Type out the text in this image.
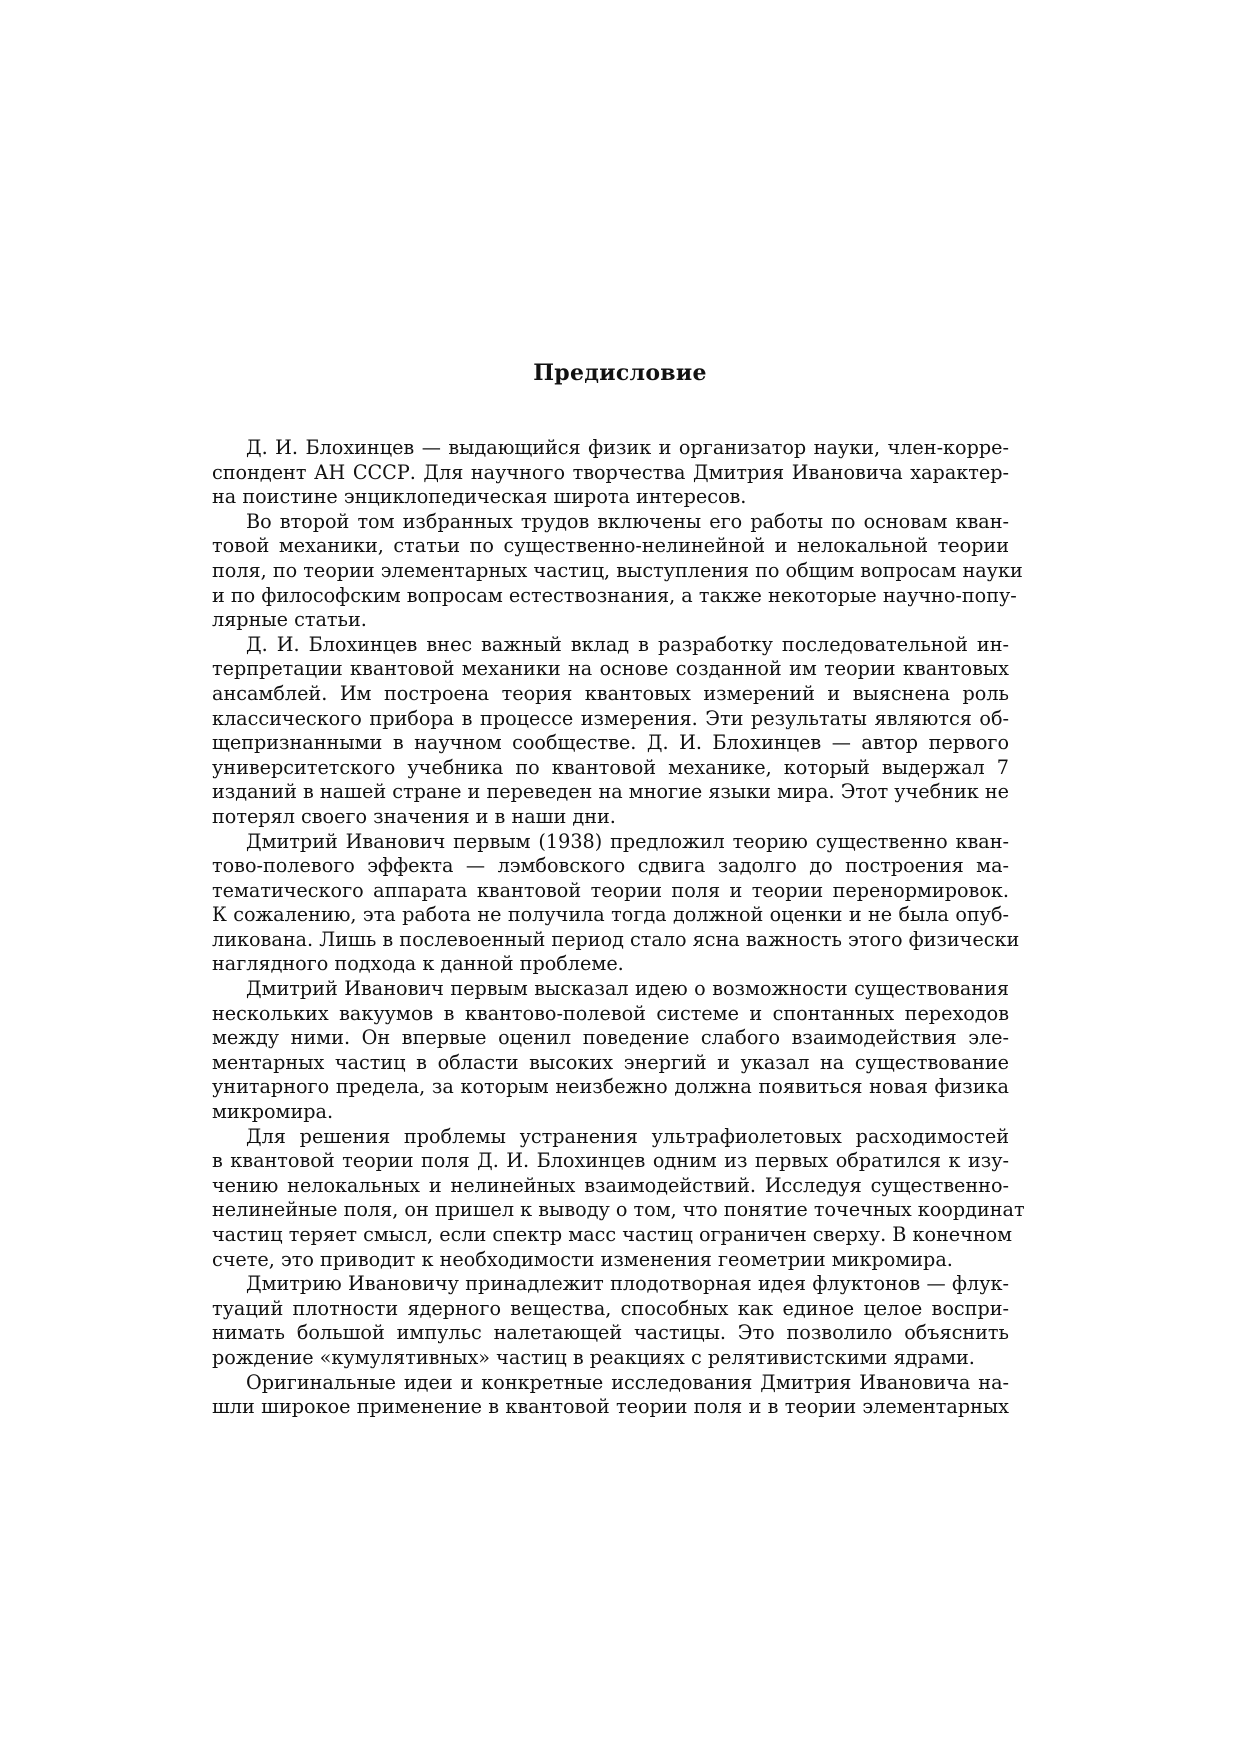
Предисловие
Д. И. Блохинцев — выдающийся физик и организатор науки, член-корре-
спондент АН СССР. Для научного творчества Дмитрия Ивановича характер-
на поистине энциклопедическая широта интересов.
Во второй том избранных трудов включены его работы по основам кван-
товой механики, статьи по существенно-нелинейной и нелокальной теории
поля, по теории элементарных частиц, выступления по общим вопросам науки
и по философским вопросам естествознания, а также некоторые научно-попу-
лярные статьи.
Д. И. Блохинцев внес важный вклад в разработку последовательной ин-
терпретации квантовой механики на основе созданной им теории квантовых
ансамблей. Им построена теория квантовых измерений и выяснена роль
классического прибора в процессе измерения. Эти результаты являются об-
щепризнанными в научном сообществе. Д. И. Блохинцев — автор первого
университетского учебника по квантовой механике, который выдержал 7
изданий в нашей стране и переведен на многие языки мира. Этот учебник не
потерял своего значения и в наши дни.
Дмитрий Иванович первым (1938) предложил теорию существенно кван-
тово-полевого эффекта — лэмбовского сдвига задолго до построения ма-
тематического аппарата квантовой теории поля и теории перенормировок.
К сожалению, эта работа не получила тогда должной оценки и не была опуб-
ликована. Лишь в послевоенный период стало ясна важность этого физически
наглядного подхода к данной проблеме.
Дмитрий Иванович первым высказал идею о возможности существования
нескольких вакуумов в квантово-полевой системе и спонтанных переходов
между ними. Он впервые оценил поведение слабого взаимодействия эле-
ментарных частиц в области высоких энергий и указал на существование
унитарного предела, за которым неизбежно должна появиться новая физика
микромира.
Для решения проблемы устранения ультрафиолетовых расходимостей
в квантовой теории поля Д. И. Блохинцев одним из первых обратился к изу-
чению нелокальных и нелинейных взаимодействий. Исследуя существенно-
нелинейные поля, он пришел к выводу о том, что понятие точечных координат
частиц теряет смысл, если спектр масс частиц ограничен сверху. В конечном
счете, это приводит к необходимости изменения геометрии микромира.
Дмитрию Ивановичу принадлежит плодотворная идея флуктонов — флук-
туаций плотности ядерного вещества, способных как единое целое воспри-
нимать большой импульс налетающей частицы. Это позволило объяснить
рождение «кумулятивных» частиц в реакциях с релятивистскими ядрами.
Оригинальные идеи и конкретные исследования Дмитрия Ивановича на-
шли широкое применение в квантовой теории поля и в теории элементарных
